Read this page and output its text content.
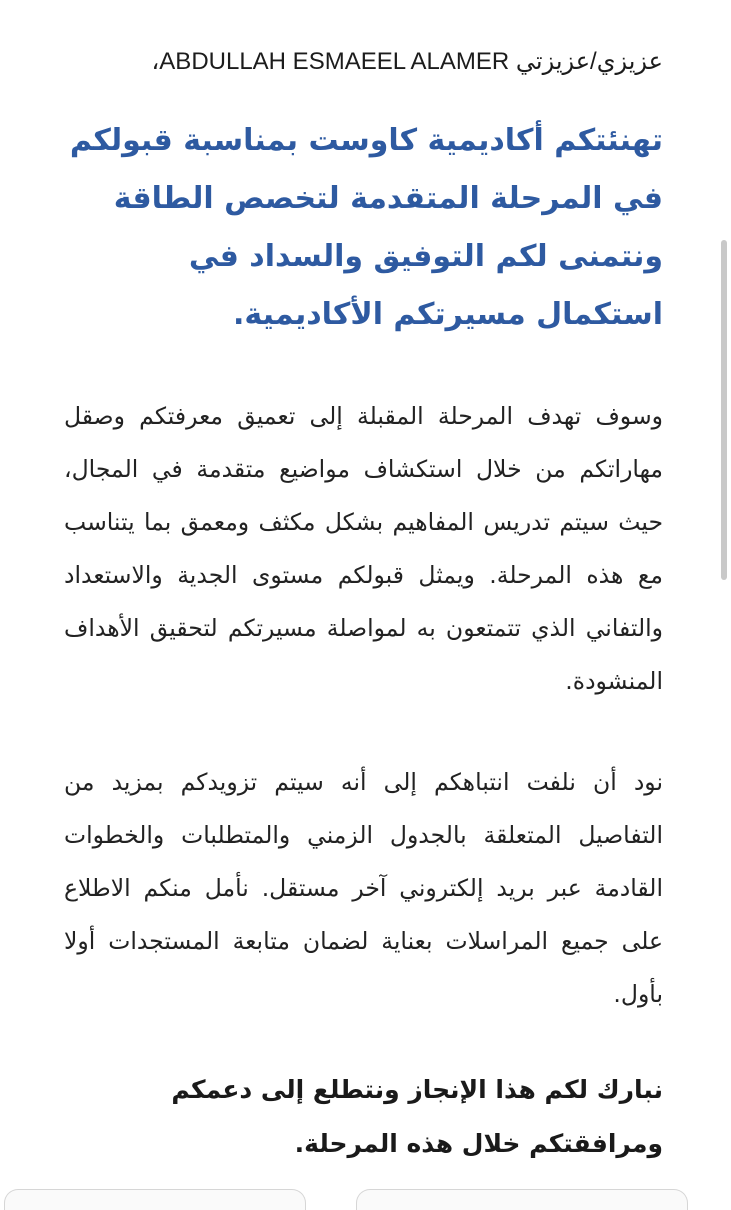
عزيزي/عزيزتي ABDULLAH ESMAEEL ALAMER،

تهنئتكم أكاديمية كاوست بمناسبة قبولكم في المرحلة المتقدمة لتخصص الطاقة ونتمنى لكم التوفيق والسداد في استكمال مسيرتكم الأكاديمية.

وسوف تهدف المرحلة المقبلة إلى تعميق معرفتكم وصقل مهاراتكم من خلال استكشاف مواضيع متقدمة في المجال، حيث سيتم تدريس المفاهيم بشكل مكثف ومعمق بما يتناسب مع هذه المرحلة. ويمثل قبولكم مستوى الجدية والاستعداد والتفاني الذي تتمتعون به لمواصلة مسيرتكم لتحقيق الأهداف المنشودة.

نود أن نلفت انتباهكم إلى أنه سيتم تزويدكم بمزيد من التفاصيل المتعلقة بالجدول الزمني والمتطلبات والخطوات القادمة عبر بريد إلكتروني آخر مستقل. نأمل منكم الاطلاع على جميع المراسلات بعناية لضمان متابعة المستجدات أولا بأول.

نبارك لكم هذا الإنجاز ونتطلع إلى دعمكم ومرافقتكم خلال هذه المرحلة.
